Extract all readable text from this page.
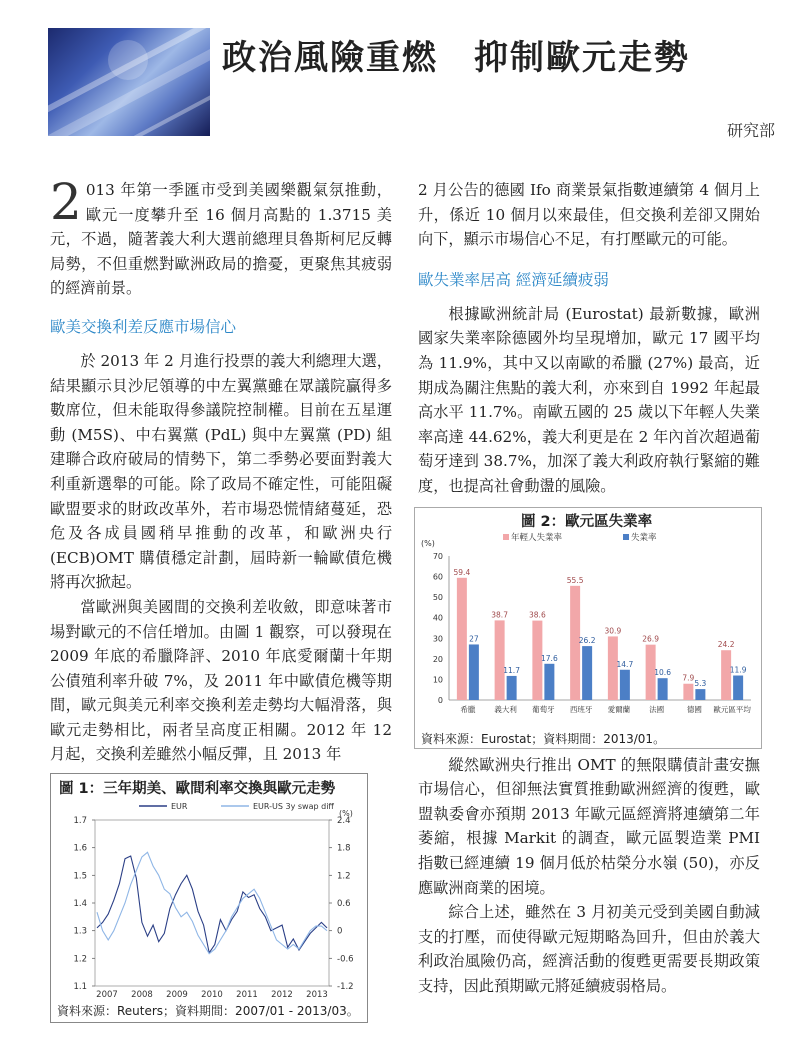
政治風險重燃　抑制歐元走勢
研究部

2 013 年第一季匯市受到美國樂觀氣氛推動，歐元一度攀升至 16 個月高點的 1.3715 美元，不過，隨著義大利大選前總理貝魯斯柯尼反轉局勢，不但重燃對歐洲政局的擔憂，更聚焦其疲弱的經濟前景。

歐美交換利差反應市場信心

於 2013 年 2 月進行投票的義大利總理大選，結果顯示貝沙尼領導的中左翼黨雖在眾議院贏得多數席位，但未能取得參議院控制權。目前在五星運動 (M5S)、中右翼黨 (PdL) 與中左翼黨 (PD) 組建聯合政府破局的情勢下，第二季勢必要面對義大利重新選舉的可能。除了政局不確定性，可能阻礙歐盟要求的財政改革外，若市場恐慌情緒蔓延，恐危及各成員國稍早推動的改革，和歐洲央行 (ECB)OMT 購債穩定計劃，屆時新一輪歐債危機將再次掀起。

當歐洲與美國間的交換利差收斂，即意味著市場對歐元的不信任增加。由圖 1 觀察，可以發現在 2009 年底的希臘降評、2010 年底愛爾蘭十年期公債殖利率升破 7%，及 2011 年中歐債危機等期間，歐元與美元利率交換利差走勢均大幅滑落，與歐元走勢相比，兩者呈高度正相關。2012 年 12 月起，交換利差雖然小幅反彈，且 2013 年

圖 1：三年期美、歐間利率交換與歐元走勢
EUR	EUR-US 3y swap diff
(%)
1.7
1.6
1.5
1.4
1.3
1.2
1.1
2.4
1.8
1.2
0.6
0
-0.6
-1.2
2007 2008 2009 2010 2011 2012 2013
資料來源：Reuters；資料期間：2007/01 - 2013/03。

2 月公告的德國 Ifo 商業景氣指數連續第 4 個月上升，係近 10 個月以來最佳，但交換利差卻又開始向下，顯示市場信心不足，有打壓歐元的可能。

歐失業率居高 經濟延續疲弱

根據歐洲統計局 (Eurostat) 最新數據，歐洲國家失業率除德國外均呈現增加，歐元 17 國平均為 11.9%，其中又以南歐的希臘 (27%) 最高，近期成為關注焦點的義大利，亦來到自 1992 年起最高水平 11.7%。南歐五國的 25 歲以下年輕人失業率高達 44.62%，義大利更是在 2 年內首次超過葡萄牙達到 38.7%，加深了義大利政府執行緊縮的難度，也提高社會動盪的風險。

圖 2：歐元區失業率
年輕人失業率	失業率
(%)
70
60
50
40
30
20
10
0
59.4
27
希臘
38.7
11.7
義大利
38.6
17.6
葡萄牙
55.5
26.2
西班牙
30.9
14.7
愛爾蘭
26.9
10.6
法國
7.9
5.3
德國
24.2
11.9
歐元區平均
資料來源：Eurostat；資料期間：2013/01。

縱然歐洲央行推出 OMT 的無限購債計畫安撫市場信心，但卻無法實質推動歐洲經濟的復甦，歐盟執委會亦預期 2013 年歐元區經濟將連續第二年萎縮，根據 Markit 的調查，歐元區製造業 PMI 指數已經連續 19 個月低於枯榮分水嶺 (50)，亦反應歐洲商業的困境。

綜合上述，雖然在 3 月初美元受到美國自動減支的打壓，而使得歐元短期略為回升，但由於義大利政治風險仍高，經濟活動的復甦更需要長期政策支持，因此預期歐元將延續疲弱格局。
